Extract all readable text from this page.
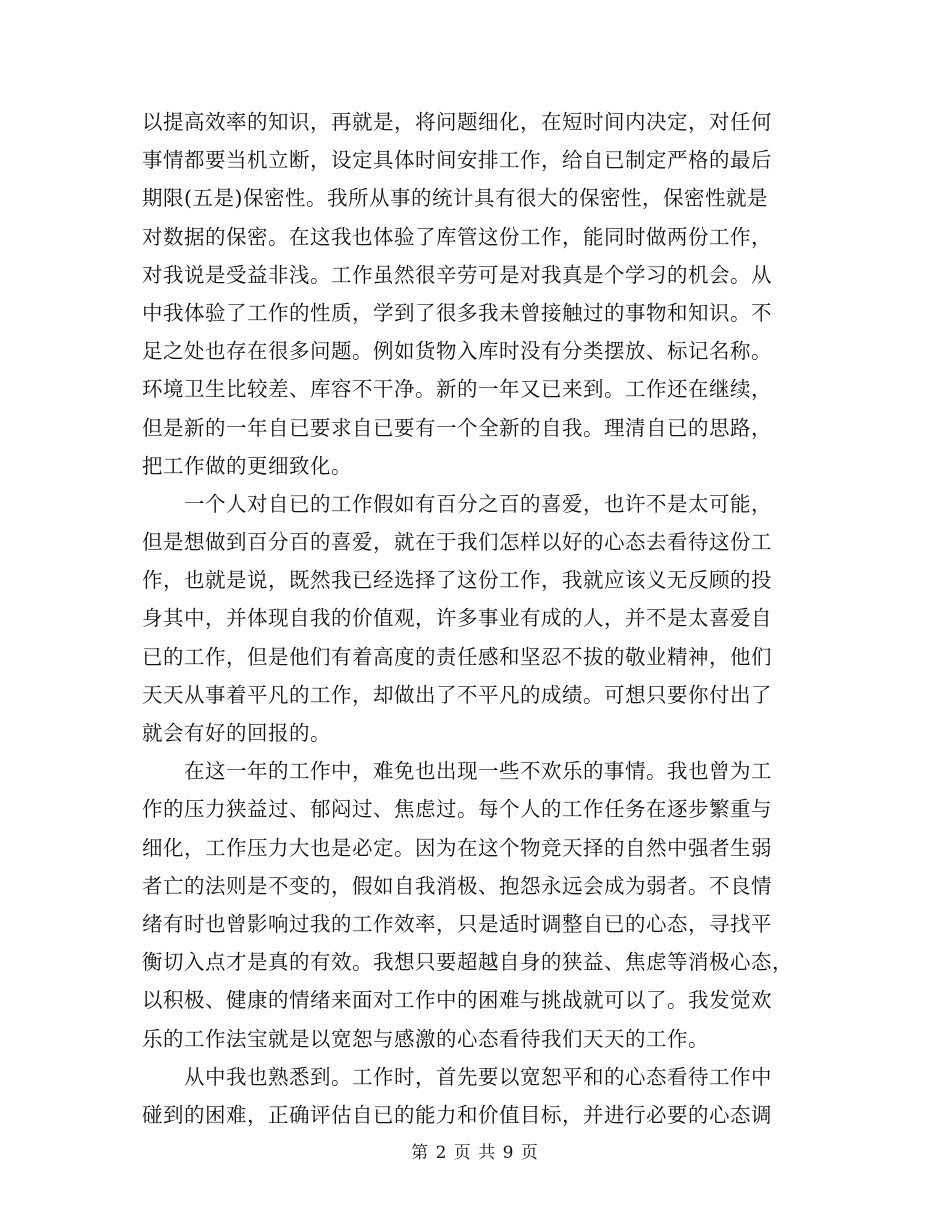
以提高效率的知识，再就是，将问题细化，在短时间内决定，对任何
事情都要当机立断，设定具体时间安排工作，给自已制定严格的最后
期限(五是)保密性。我所从事的统计具有很大的保密性，保密性就是
对数据的保密。在这我也体验了库管这份工作，能同时做两份工作，
对我说是受益非浅。工作虽然很辛劳可是对我真是个学习的机会。从
中我体验了工作的性质，学到了很多我未曾接触过的事物和知识。不
足之处也存在很多问题。例如货物入库时没有分类摆放、标记名称。
环境卫生比较差、库容不干净。新的一年又已来到。工作还在继续，
但是新的一年自已要求自已要有一个全新的自我。理清自已的思路，
把工作做的更细致化。
　　一个人对自已的工作假如有百分之百的喜爱，也许不是太可能，
但是想做到百分百的喜爱，就在于我们怎样以好的心态去看待这份工
作，也就是说，既然我已经选择了这份工作，我就应该义无反顾的投
身其中，并体现自我的价值观，许多事业有成的人，并不是太喜爱自
已的工作，但是他们有着高度的责任感和坚忍不拔的敬业精神，他们
天天从事着平凡的工作，却做出了不平凡的成绩。可想只要你付出了
就会有好的回报的。
　　在这一年的工作中，难免也出现一些不欢乐的事情。我也曾为工
作的压力狭益过、郁闷过、焦虑过。每个人的工作任务在逐步繁重与
细化，工作压力大也是必定。因为在这个物竞天择的自然中强者生弱
者亡的法则是不变的，假如自我消极、抱怨永远会成为弱者。不良情
绪有时也曾影响过我的工作效率，只是适时调整自已的心态，寻找平
衡切入点才是真的有效。我想只要超越自身的狭益、焦虑等消极心态，
以积极、健康的情绪来面对工作中的困难与挑战就可以了。我发觉欢
乐的工作法宝就是以宽恕与感激的心态看待我们天天的工作。
　　从中我也熟悉到。工作时，首先要以宽恕平和的心态看待工作中
碰到的困难，正确评估自已的能力和价值目标，并进行必要的心态调
第 2 页 共 9 页
